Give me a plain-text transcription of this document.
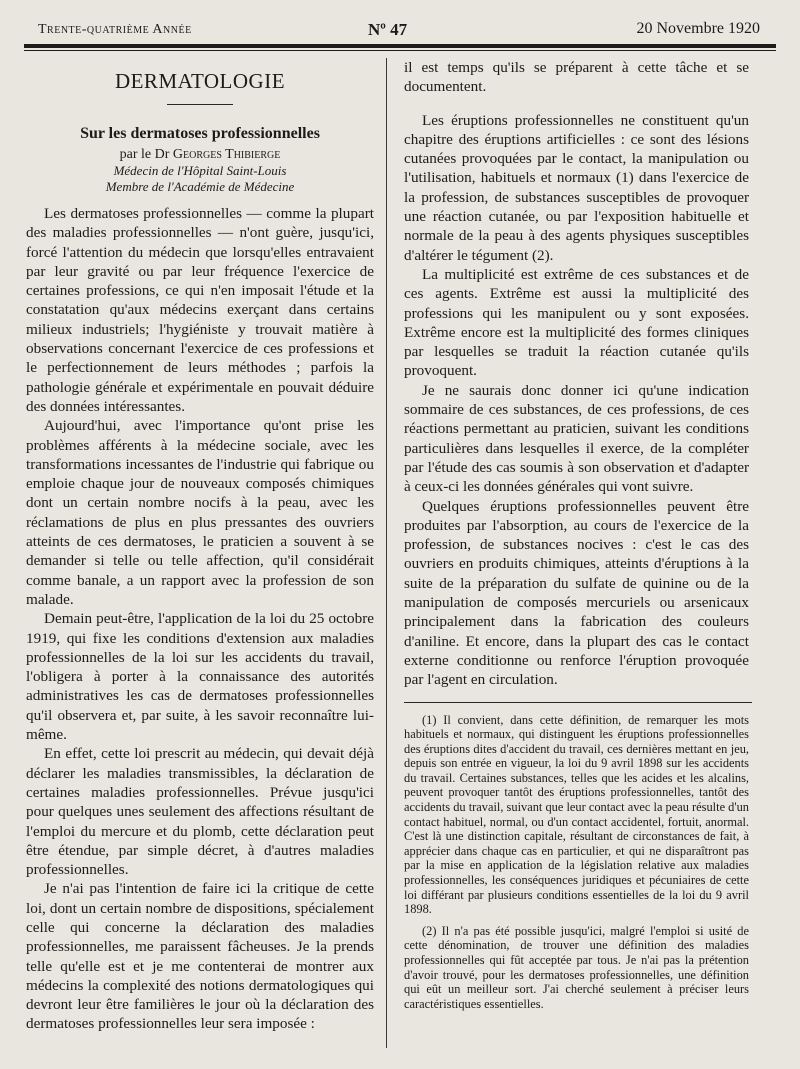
Trente-quatrième Année	Nº 47	20 Novembre 1920
DERMATOLOGIE
Sur les dermatoses professionnelles
par le Dr Georges Thibierge
Médecin de l'Hôpital Saint-Louis
Membre de l'Académie de Médecine

Les dermatoses professionnelles — comme la plupart des maladies professionnelles — n'ont guère, jusqu'ici, forcé l'attention du médecin que lorsqu'elles entravaient par leur gravité ou par leur fréquence l'exercice de certaines professions, ce qui n'en imposait l'étude et la constatation qu'aux médecins exerçant dans certains milieux industriels; l'hygiéniste y trouvait matière à observations concernant l'exercice de ces professions et le perfectionnement de leurs méthodes ; parfois la pathologie générale et expérimentale en pouvait déduire des données intéressantes.

Aujourd'hui, avec l'importance qu'ont prise les problèmes afférents à la médecine sociale, avec les transformations incessantes de l'industrie qui fabrique ou emploie chaque jour de nouveaux composés chimiques dont un certain nombre nocifs à la peau, avec les réclamations de plus en plus pressantes des ouvriers atteints de ces dermatoses, le praticien a souvent à se demander si telle ou telle affection, qu'il considérait comme banale, a un rapport avec la profession de son malade.

Demain peut-être, l'application de la loi du 25 octobre 1919, qui fixe les conditions d'extension aux maladies professionnelles de la loi sur les accidents du travail, l'obligera à porter à la connaissance des autorités administratives les cas de dermatoses professionnelles qu'il observera et, par suite, à les savoir reconnaître lui-même.

En effet, cette loi prescrit au médecin, qui devait déjà déclarer les maladies transmissibles, la déclaration de certaines maladies professionnelles. Prévue jusqu'ici pour quelques unes seulement des affections résultant de l'emploi du mercure et du plomb, cette déclaration peut être étendue, par simple décret, à d'autres maladies professionnelles.

Je n'ai pas l'intention de faire ici la critique de cette loi, dont un certain nombre de dispositions, spécialement celle qui concerne la déclaration des maladies professionnelles, me paraissent fâcheuses. Je la prends telle qu'elle est et je me contenterai de montrer aux médecins la complexité des notions dermatologiques qui devront leur être familières le jour où la déclaration des dermatoses professionnelles leur sera imposée :

il est temps qu'ils se préparent à cette tâche et se documentent.

Les éruptions professionnelles ne constituent qu'un chapitre des éruptions artificielles : ce sont des lésions cutanées provoquées par le contact, la manipulation ou l'utilisation, habituels et normaux (1) dans l'exercice de la profession, de substances susceptibles de provoquer une réaction cutanée, ou par l'exposition habituelle et normale de la peau à des agents physiques susceptibles d'altérer le tégument (2).

La multiplicité est extrême de ces substances et de ces agents. Extrême est aussi la multiplicité des professions qui les manipulent ou y sont exposées. Extrême encore est la multiplicité des formes cliniques par lesquelles se traduit la réaction cutanée qu'ils provoquent.

Je ne saurais donc donner ici qu'une indication sommaire de ces substances, de ces professions, de ces réactions permettant au praticien, suivant les conditions particulières dans lesquelles il exerce, de la compléter par l'étude des cas soumis à son observation et d'adapter à ceux-ci les données générales qui vont suivre.

Quelques éruptions professionnelles peuvent être produites par l'absorption, au cours de l'exercice de la profession, de substances nocives : c'est le cas des ouvriers en produits chimiques, atteints d'éruptions à la suite de la préparation du sulfate de quinine ou de la manipulation de composés mercuriels ou arsenicaux principalement dans la fabrication des couleurs d'aniline. Et encore, dans la plupart des cas le contact externe conditionne ou renforce l'éruption provoquée par l'agent en circulation.

(1) Il convient, dans cette définition, de remarquer les mots habituels et normaux, qui distinguent les éruptions professionnelles des éruptions dites d'accident du travail, ces dernières mettant en jeu, depuis son entrée en vigueur, la loi du 9 avril 1898 sur les accidents du travail. Certaines substances, telles que les acides et les alcalins, peuvent provoquer tantôt des éruptions professionnelles, tantôt des accidents du travail, suivant que leur contact avec la peau résulte d'un contact habituel, normal, ou d'un contact accidentel, fortuit, anormal. C'est là une distinction capitale, résultant de circonstances de fait, à apprécier dans chaque cas en particulier, et qui ne disparaîtront pas par la mise en application de la législation relative aux maladies professionnelles, les conséquences juridiques et pécuniaires de cette loi différant par plusieurs conditions essentielles de la loi du 9 avril 1898.

(2) Il n'a pas été possible jusqu'ici, malgré l'emploi si usité de cette dénomination, de trouver une définition des maladies professionnelles qui fût acceptée par tous. Je n'ai pas la prétention d'avoir trouvé, pour les dermatoses professionnelles, une définition qui eût un meilleur sort. J'ai cherché seulement à préciser leurs caractéristiques essentielles.
